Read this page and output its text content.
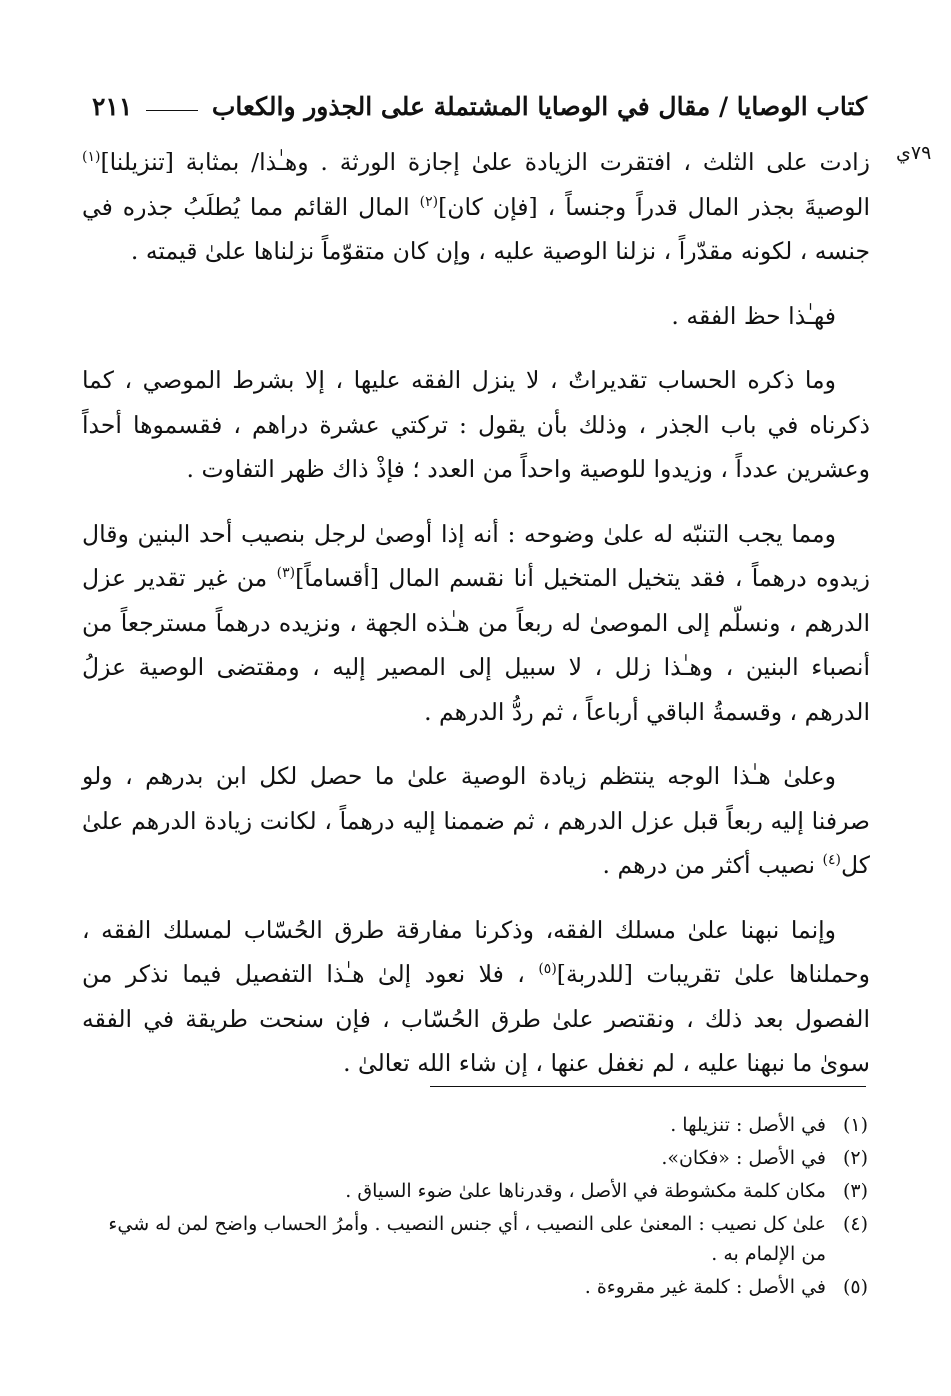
كتاب الوصايا / مقال في الوصايا المشتملة على الجذور والكعاب
٢١١
٧٩ي

زادت على الثلث ، افتقرت الزيادة علىٰ إجازة الورثة . وهـٰذا/ بمثابة [تنزيلنا]$^{(١)}$ الوصيةَ بجذر المال قدراً وجنساً ، [فإن كان]$^{(٢)}$ المال القائم مما يُطلَبُ جذره في جنسه ، لكونه مقدّراً ، نزلنا الوصية عليه ، وإن كان متقوّماً نزلناها علىٰ قيمته .

فهـٰذا حظ الفقه .

وما ذكره الحساب تقديراتٌ ، لا ينزل الفقه عليها ، إلا بشرط الموصي ، كما ذكرناه في باب الجذر ، وذلك بأن يقول : تركتي عشرة دراهم ، فقسموها أحداً وعشرين عدداً ، وزيدوا للوصية واحداً من العدد ؛ فإذْ ذاك ظهر التفاوت .

ومما يجب التنبّه له علىٰ وضوحه : أنه إذا أوصىٰ لرجل بنصيب أحد البنين وقال زيدوه درهماً ، فقد يتخيل المتخيل أنا نقسم المال [أقساماً]$^{(٣)}$ من غير تقدير عزل الدرهم ، ونسلّم إلى الموصىٰ له ربعاً من هـٰذه الجهة ، ونزيده درهماً مسترجعاً من أنصباء البنين ، وهـٰذا زلل ، لا سبيل إلى المصير إليه ، ومقتضى الوصية عزلُ الدرهم ، وقسمةُ الباقي أرباعاً ، ثم ردُّ الدرهم .

وعلىٰ هـٰذا الوجه ينتظم زيادة الوصية علىٰ ما حصل لكل ابن بدرهم ، ولو صرفنا إليه ربعاً قبل عزل الدرهم ، ثم ضممنا إليه درهماً ، لكانت زيادة الدرهم علىٰ كل$^{(٤)}$ نصيب أكثر من درهم .

وإنما نبهنا علىٰ مسلك الفقه، وذكرنا مفارقة طرق الحُسّاب لمسلك الفقه ، وحملناها علىٰ تقريبات [للدربة]$^{(٥)}$ ، فلا نعود إلىٰ هـٰذا التفصيل فيما نذكر من الفصول بعد ذلك ، ونقتصر علىٰ طرق الحُسّاب ، فإن سنحت طريقة في الفقه سوىٰ ما نبهنا عليه ، لم نغفل عنها ، إن شاء الله تعالىٰ .

(١)
في الأصل : تنزيلها .
(٢)
في الأصل : «فكان».
(٣)
مكان كلمة مكشوطة في الأصل ، وقدرناها علىٰ ضوء السياق .
(٤)
علىٰ كل نصيب : المعنىٰ على النصيب ، أي جنس النصيب . وأمرُ الحساب واضح لمن له شيء من الإلمام به .
(٥)
في الأصل : كلمة غير مقروءة .
